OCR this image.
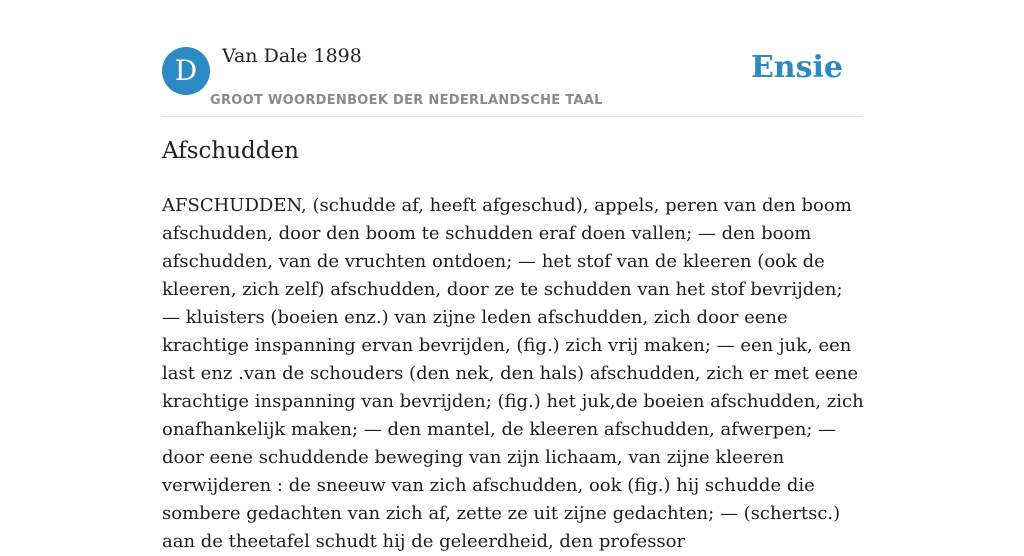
D	Van Dale 1898
GROOT WOORDENBOEK DER NEDERLANDSCHE TAAL
Ensie
Afschudden

AFSCHUDDEN, (schudde af, heeft afgeschud), appels, peren van den boom afschudden, door den boom te schudden eraf doen vallen; — den boom afschudden, van de vruchten ontdoen; — het stof van de kleeren (ook de kleeren, zich zelf) afschudden, door ze te schudden van het stof bevrijden; — kluisters (boeien enz.) van zijne leden afschudden, zich door eene krachtige inspanning ervan bevrijden, (fig.) zich vrij maken; — een juk, een last enz .van de schouders (den nek, den hals) afschudden, zich er met eene krachtige inspanning van bevrijden; (fig.) het juk,de boeien afschudden, zich onafhankelijk maken; — den mantel, de kleeren afschudden, afwerpen; — door eene schuddende beweging van zijn lichaam, van zijne kleeren verwijderen : de sneeuw van zich afschudden, ook (fig.) hij schudde die sombere gedachten van zich af, zette ze uit zijne gedachten; — (schertsc.) aan de theetafel schudt hij de geleerdheid, den professor
